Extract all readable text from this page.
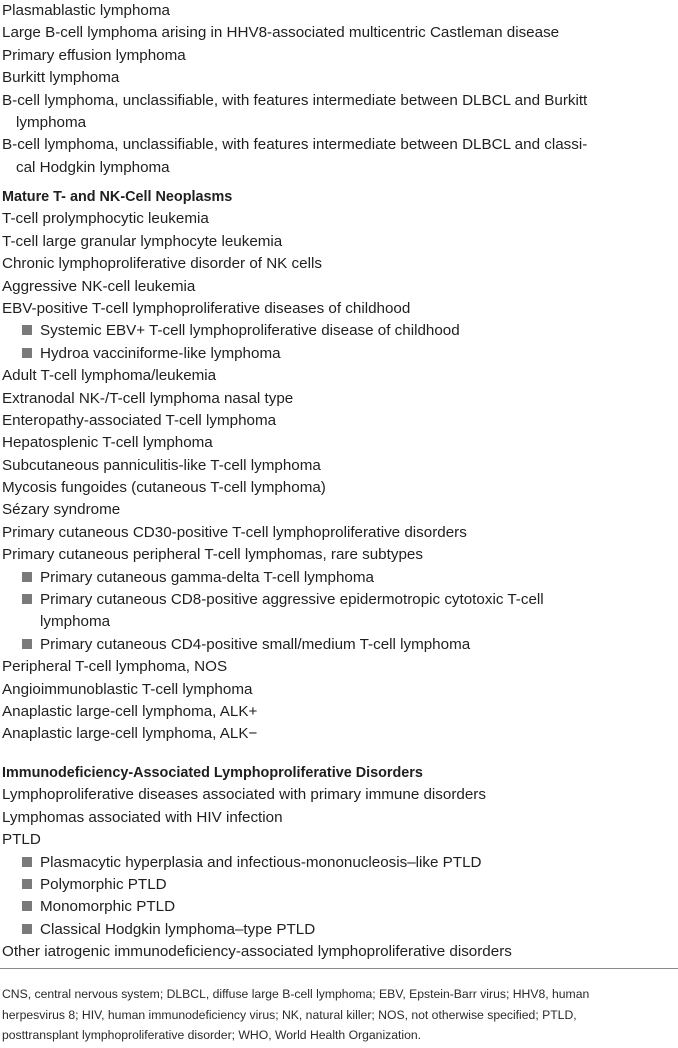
Plasmablastic lymphoma
Large B-cell lymphoma arising in HHV8-associated multicentric Castleman disease
Primary effusion lymphoma
Burkitt lymphoma
B-cell lymphoma, unclassifiable, with features intermediate between DLBCL and Burkitt
lymphoma
B-cell lymphoma, unclassifiable, with features intermediate between DLBCL and classi-
cal Hodgkin lymphoma
Mature T- and NK-Cell Neoplasms
T-cell prolymphocytic leukemia
T-cell large granular lymphocyte leukemia
Chronic lymphoproliferative disorder of NK cells
Aggressive NK-cell leukemia
EBV-positive T-cell lymphoproliferative diseases of childhood
Systemic EBV+ T-cell lymphoproliferative disease of childhood
Hydroa vacciniforme-like lymphoma
Adult T-cell lymphoma/leukemia
Extranodal NK-/T-cell lymphoma nasal type
Enteropathy-associated T-cell lymphoma
Hepatosplenic T-cell lymphoma
Subcutaneous panniculitis-like T-cell lymphoma
Mycosis fungoides (cutaneous T-cell lymphoma)
Sézary syndrome
Primary cutaneous CD30-positive T-cell lymphoproliferative disorders
Primary cutaneous peripheral T-cell lymphomas, rare subtypes
Primary cutaneous gamma-delta T-cell lymphoma
Primary cutaneous CD8-positive aggressive epidermotropic cytotoxic T-cell
lymphoma
Primary cutaneous CD4-positive small/medium T-cell lymphoma
Peripheral T-cell lymphoma, NOS
Angioimmunoblastic T-cell lymphoma
Anaplastic large-cell lymphoma, ALK+
Anaplastic large-cell lymphoma, ALK−
Immunodeficiency-Associated Lymphoproliferative Disorders
Lymphoproliferative diseases associated with primary immune disorders
Lymphomas associated with HIV infection
PTLD
Plasmacytic hyperplasia and infectious-mononucleosis–like PTLD
Polymorphic PTLD
Monomorphic PTLD
Classical Hodgkin lymphoma–type PTLD
Other iatrogenic immunodeficiency-associated lymphoproliferative disorders
CNS, central nervous system; DLBCL, diffuse large B-cell lymphoma; EBV, Epstein-Barr virus; HHV8, human
herpesvirus 8; HIV, human immunodeficiency virus; NK, natural killer; NOS, not otherwise specified; PTLD,
posttransplant lymphoproliferative disorder; WHO, World Health Organization.
